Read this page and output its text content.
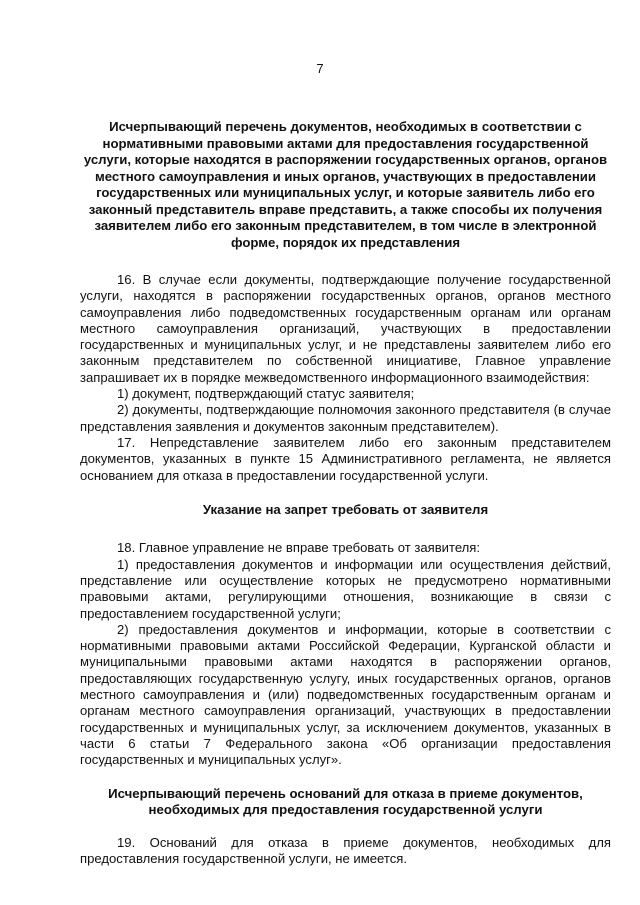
7

Исчерпывающий перечень документов, необходимых в соответствии с нормативными правовыми актами для предоставления государственной услуги, которые находятся в распоряжении государственных органов, органов местного самоуправления и иных органов, участвующих в предоставлении государственных или муниципальных услуг, и которые заявитель либо его законный представитель вправе представить, а также способы их получения заявителем либо его законным представителем, в том числе в электронной форме, порядок их представления

16. В случае если документы, подтверждающие получение государственной услуги, находятся в распоряжении государственных органов, органов местного самоуправления либо подведомственных государственным органам или органам местного самоуправления организаций, участвующих в предоставлении государственных и муниципальных услуг, и не представлены заявителем либо его законным представителем по собственной инициативе, Главное управление запрашивает их в порядке межведомственного информационного взаимодействия:

1) документ, подтверждающий статус заявителя;

2) документы, подтверждающие полномочия законного представителя (в случае представления заявления и документов законным представителем).

17. Непредставление заявителем либо его законным представителем документов, указанных в пункте 15 Административного регламента, не является основанием для отказа в предоставлении государственной услуги.

Указание на запрет требовать от заявителя

18. Главное управление не вправе требовать от заявителя:

1) предоставления документов и информации или осуществления действий, представление или осуществление которых не предусмотрено нормативными правовыми актами, регулирующими отношения, возникающие в связи с предоставлением государственной услуги;

2) предоставления документов и информации, которые в соответствии с нормативными правовыми актами Российской Федерации, Курганской области и муниципальными правовыми актами находятся в распоряжении органов, предоставляющих государственную услугу, иных государственных органов, органов местного самоуправления и (или) подведомственных государственным органам и органам местного самоуправления организаций, участвующих в предоставлении государственных и муниципальных услуг, за исключением документов, указанных в части 6 статьи 7 Федерального закона «Об организации предоставления государственных и муниципальных услуг».

Исчерпывающий перечень оснований для отказа в приеме документов, необходимых для предоставления государственной услуги

19. Оснований для отказа в приеме документов, необходимых для предоставления государственной услуги, не имеется.
